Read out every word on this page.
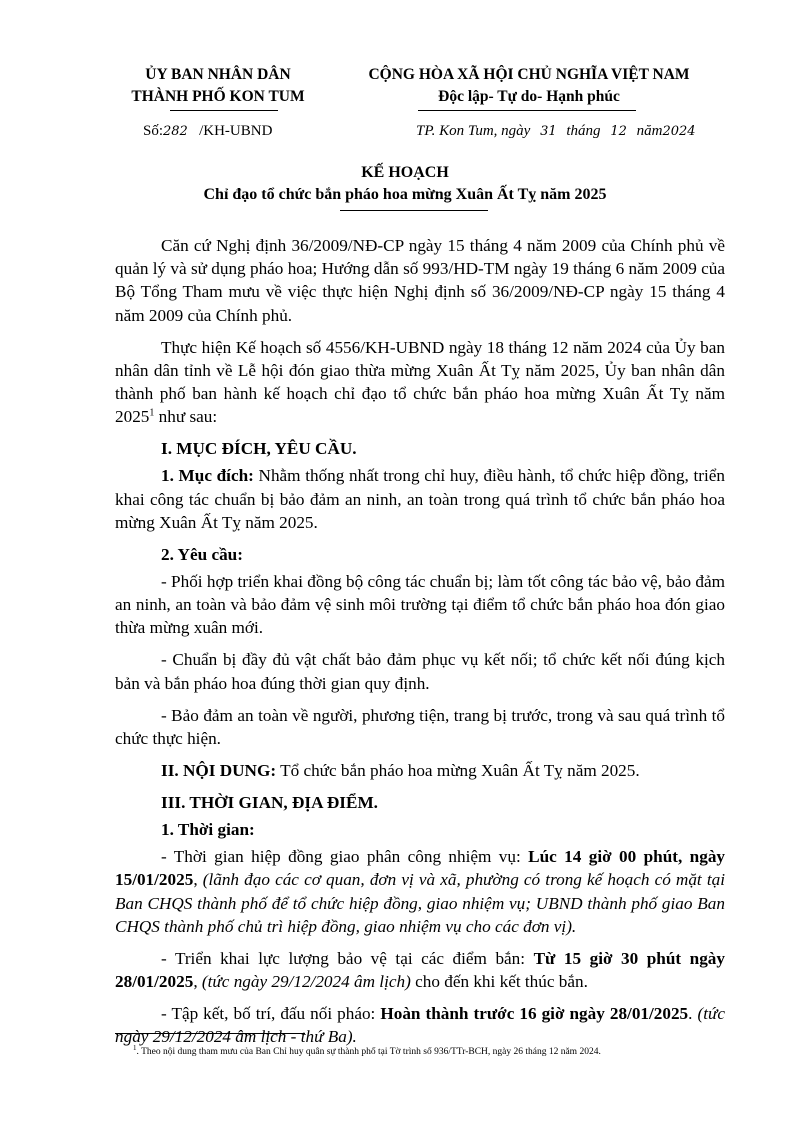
ỦY BAN NHÂN DÂN
THÀNH PHỐ KON TUM
CỘNG HÒA XÃ HỘI CHỦ NGHĨA VIỆT NAM
Độc lập- Tự do- Hạnh phúc
Số:282 /KH-UBND	TP. Kon Tum, ngày 31 tháng 12 năm2024
KẾ HOẠCH
Chỉ đạo tổ chức bắn pháo hoa mừng Xuân Ất Tỵ năm 2025

Căn cứ Nghị định 36/2009/NĐ-CP ngày 15 tháng 4 năm 2009 của Chính phủ về quản lý và sử dụng pháo hoa; Hướng dẫn số 993/HD-TM ngày 19 tháng 6 năm 2009 của Bộ Tổng Tham mưu về việc thực hiện Nghị định số 36/2009/NĐ-CP ngày 15 tháng 4 năm 2009 của Chính phủ.

Thực hiện Kế hoạch số 4556/KH-UBND ngày 18 tháng 12 năm 2024 của Ủy ban nhân dân tỉnh về Lễ hội đón giao thừa mừng Xuân Ất Tỵ năm 2025, Ủy ban nhân dân thành phố ban hành kế hoạch chỉ đạo tổ chức bắn pháo hoa mừng Xuân Ất Tỵ năm 2025$^1$ như sau:

I. MỤC ĐÍCH, YÊU CẦU.

1. Mục đích: Nhằm thống nhất trong chỉ huy, điều hành, tổ chức hiệp đồng, triển khai công tác chuẩn bị bảo đảm an ninh, an toàn trong quá trình tổ chức bắn pháo hoa mừng Xuân Ất Tỵ năm 2025.

2. Yêu cầu:

- Phối hợp triển khai đồng bộ công tác chuẩn bị; làm tốt công tác bảo vệ, bảo đảm an ninh, an toàn và bảo đảm vệ sinh môi trường tại điểm tổ chức bắn pháo hoa đón giao thừa mừng xuân mới.

- Chuẩn bị đầy đủ vật chất bảo đảm phục vụ kết nối; tổ chức kết nối đúng kịch bản và bắn pháo hoa đúng thời gian quy định.

- Bảo đảm an toàn về người, phương tiện, trang bị trước, trong và sau quá trình tổ chức thực hiện.

II. NỘI DUNG: Tổ chức bắn pháo hoa mừng Xuân Ất Tỵ năm 2025.

III. THỜI GIAN, ĐỊA ĐIỂM.

1. Thời gian:

- Thời gian hiệp đồng giao phân công nhiệm vụ: Lúc 14 giờ 00 phút, ngày 15/01/2025, (lãnh đạo các cơ quan, đơn vị và xã, phường có trong kế hoạch có mặt tại Ban CHQS thành phố để tổ chức hiệp đồng, giao nhiệm vụ; UBND thành phố giao Ban CHQS thành phố chủ trì hiệp đồng, giao nhiệm vụ cho các đơn vị).

- Triển khai lực lượng bảo vệ tại các điểm bắn: Từ 15 giờ 30 phút ngày 28/01/2025, (tức ngày 29/12/2024 âm lịch) cho đến khi kết thúc bắn.

- Tập kết, bố trí, đấu nối pháo: Hoàn thành trước 16 giờ ngày 28/01/2025. (tức ngày 29/12/2024 âm lịch - thứ Ba).

$^1$. Theo nội dung tham mưu của Ban Chỉ huy quân sự thành phố tại Tờ trình số 936/TTr-BCH, ngày 26 tháng 12 năm 2024.
